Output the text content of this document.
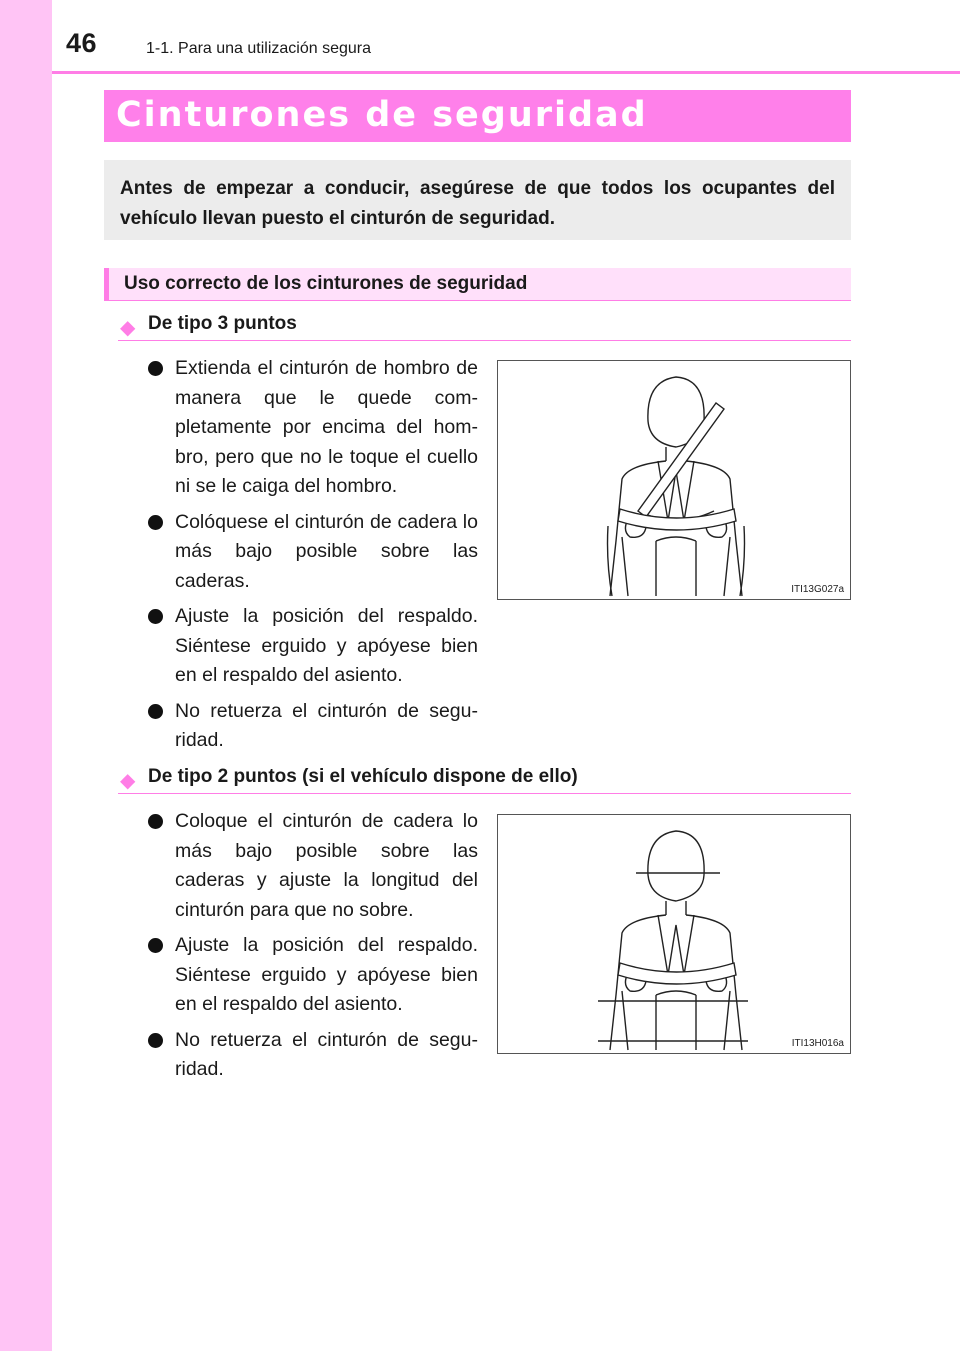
46	1-1. Para una utilización segura
Cinturones de seguridad
Antes de empezar a conducir, asegúrese de que todos los ocupantes del vehículo llevan puesto el cinturón de seguridad.
Uso correcto de los cinturones de seguridad
◆ De tipo 3 puntos
Extienda el cinturón de hombro de manera que le quede com-pletamente por encima del hom-bro, pero que no le toque el cuello ni se le caiga del hombro.
Colóquese el cinturón de cadera lo más bajo posible sobre las caderas.
Ajuste la posición del respaldo. Siéntese erguido y apóyese bien en el respaldo del asiento.
No retuerza el cinturón de segu-ridad.
ITI13G027a
◆ De tipo 2 puntos (si el vehículo dispone de ello)
Coloque el cinturón de cadera lo más bajo posible sobre las caderas y ajuste la longitud del cinturón para que no sobre.
Ajuste la posición del respaldo. Siéntese erguido y apóyese bien en el respaldo del asiento.
No retuerza el cinturón de segu-ridad.
ITI13H016a
